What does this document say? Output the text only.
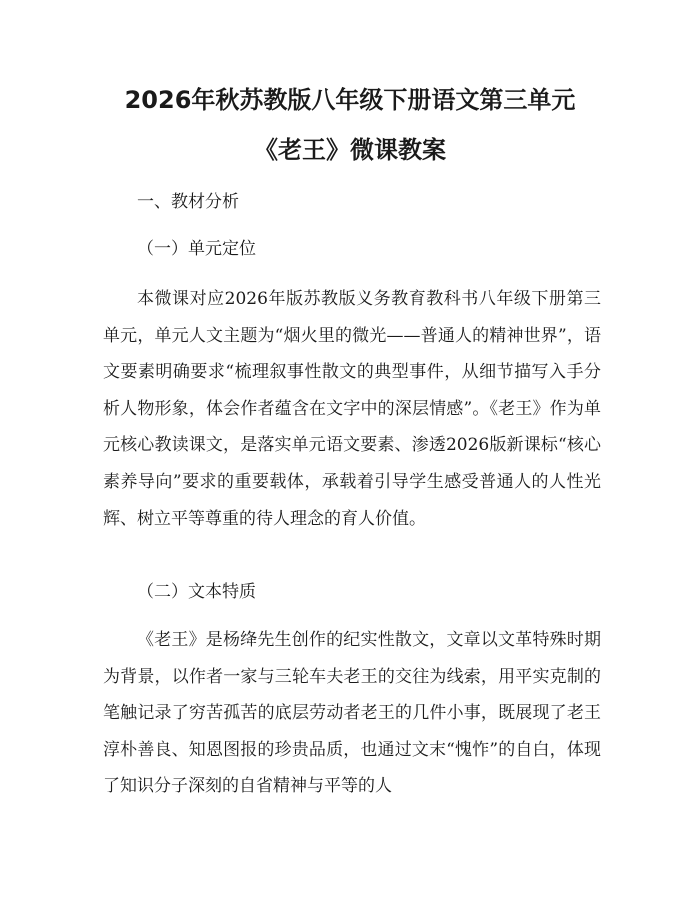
2026年秋苏教版八年级下册语文第三单元
《老王》微课教案
一、教材分析
（一）单元定位

本微课对应2026年版苏教版义务教育教科书八年级下册第三单元，单元人文主题为“烟火里的微光——普通人的精神世界”，语文要素明确要求“梳理叙事性散文的典型事件，从细节描写入手分析人物形象，体会作者蕴含在文字中的深层情感”。《老王》作为单元核心教读课文，是落实单元语文要素、渗透2026版新课标“核心素养导向”要求的重要载体，承载着引导学生感受普通人的人性光辉、树立平等尊重的待人理念的育人价值。

（二）文本特质

《老王》是杨绛先生创作的纪实性散文，文章以文革特殊时期为背景，以作者一家与三轮车夫老王的交往为线索，用平实克制的笔触记录了穷苦孤苦的底层劳动者老王的几件小事，既展现了老王淳朴善良、知恩图报的珍贵品质，也通过文末“愧怍”的自白，体现了知识分子深刻的自省精神与平等的人
